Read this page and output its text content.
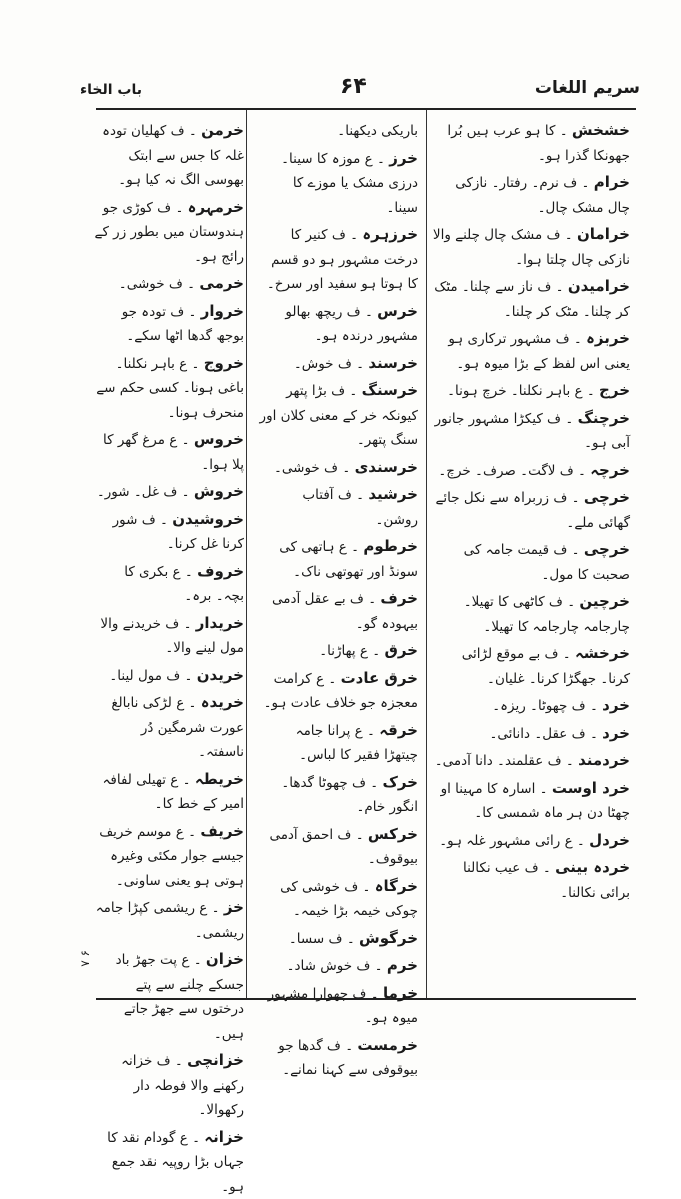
سریم اللغات
۶۴
باب الخاء
خشخش ۔ کا ہو عرب ہیں بُرا جھونکا گذرا ہو۔
خرام ۔ ف نرم۔ رفتار۔ نازکی چال مشک چال۔
خرامان ۔ ف مشک چال چلنے والا نازکی چال چلتا ہوا۔
خرامیدن ۔ ف ناز سے چلنا۔ مٹک کر چلنا۔ مٹک کر چلنا۔
خربزہ ۔ ف مشہور ترکاری ہو یعنی اس لفظ کے بڑا میوہ ہو۔
خرج ۔ ع باہر نکلنا۔ خرچ ہونا۔
خرچنگ ۔ ف کیکڑا مشہور جانور آبی ہو۔
خرچہ ۔ ف لاگت۔ صرف۔ خرچ۔
خرچی ۔ ف زربراہ سے نکل جائے گھائی ملے۔
خرچی ۔ ف قیمت جامہ کی صحبت کا مول۔
خرچین ۔ ف کاٹھی کا تھیلا۔ چارجامہ چارجامہ کا تھیلا۔
خرخشہ ۔ ف بے موقع لڑائی کرنا۔ جھگڑا کرنا۔ غلیان۔
خرد ۔ ف چھوٹا۔ ریزہ۔
خرد ۔ ف عقل۔ دانائی۔
خردمند ۔ ف عقلمند۔ دانا آدمی۔
خرد اوست ۔ اسارہ کا مہینا او چھٹا دن ہر ماہ شمسی کا۔
خردل ۔ ع رائی مشہور غلہ ہو۔
خردہ بینی ۔ ف عیب نکالنا برائی نکالنا۔
باریکی دیکھنا۔
خرز ۔ ع موزہ کا سینا۔ درزی مشک یا موزے کا سینا۔
خرزہرہ ۔ ف کنیر کا درخت مشہور ہو دو قسم کا ہوتا ہو سفید اور سرخ۔
خرس ۔ ف ریچھ بھالو مشہور درندہ ہو۔
خرسند ۔ ف خوش۔
خرسنگ ۔ ف بڑا پتھر کیونکہ خر کے معنی کلان اور سنگ پتھر۔
خرسندی ۔ ف خوشی۔
خرشید ۔ ف آفتاب روشن۔
خرطوم ۔ ع ہاتھی کی سونڈ اور تھوتھی ناک۔
خرف ۔ ف بے عقل آدمی بیہودہ گو۔
خرق ۔ ع پھاڑنا۔
خرق عادت ۔ ع کرامت معجزہ جو خلاف عادت ہو۔
خرقہ ۔ ع پرانا جامہ چیتھڑا فقیر کا لباس۔
خرک ۔ ف چھوٹا گدھا۔ انگور خام۔
خرکس ۔ ف احمق آدمی بیوقوف۔
خرگاہ ۔ ف خوشی کی چوکی خیمہ بڑا خیمہ۔
خرگوش ۔ ف سسا۔
خرم ۔ ف خوش شاد۔
خرما ۔ ف چھوارا مشہور میوہ ہو۔
خرمست ۔ ف گدھا جو بیوقوفی سے کہنا نمانے۔
خرمن ۔ ف کھلیان تودہ غلہ کا جس سے ابتک بھوسی الگ نہ کیا ہو۔
خرمہرہ ۔ ف کوڑی جو ہندوستان میں بطور زر کے رائج ہو۔
خرمی ۔ ف خوشی۔
خروار ۔ ف تودہ جو بوجھ گدھا اٹھا سکے۔
خروج ۔ ع باہر نکلنا۔ باغی ہونا۔ کسی حکم سے منحرف ہونا۔
خروس ۔ ع مرغ گھر کا پلا ہوا۔
خروش ۔ ف غل۔ شور۔
خروشیدن ۔ ف شور کرنا غل کرنا۔
خروف ۔ ع بکری کا بچہ۔ برہ۔
خریدار ۔ ف خریدنے والا مول لینے والا۔
خریدن ۔ ف مول لینا۔
خریدہ ۔ ع لڑکی نابالغ عورت شرمگین دُر ناسفتہ۔
خریطہ ۔ ع تھیلی لفافہ امیر کے خط کا۔
خریف ۔ ع موسم خریف جیسے جوار مکئی وغیرہ ہوتی ہو یعنی ساونی۔
خز ۔ ع ریشمی کپڑا جامہ ریشمی۔
خزان ۔ ع پت جھڑ باد جسکے چلنے سے پتے درختوں سے جھڑ جاتے ہیں۔
خزانچی ۔ ف خزانہ رکھنے والا فوطہ دار رکھوالا۔
خزانہ ۔ ع گودام نقد کا جہاں بڑا روپیہ نقد جمع ہو۔
۷ ۶
